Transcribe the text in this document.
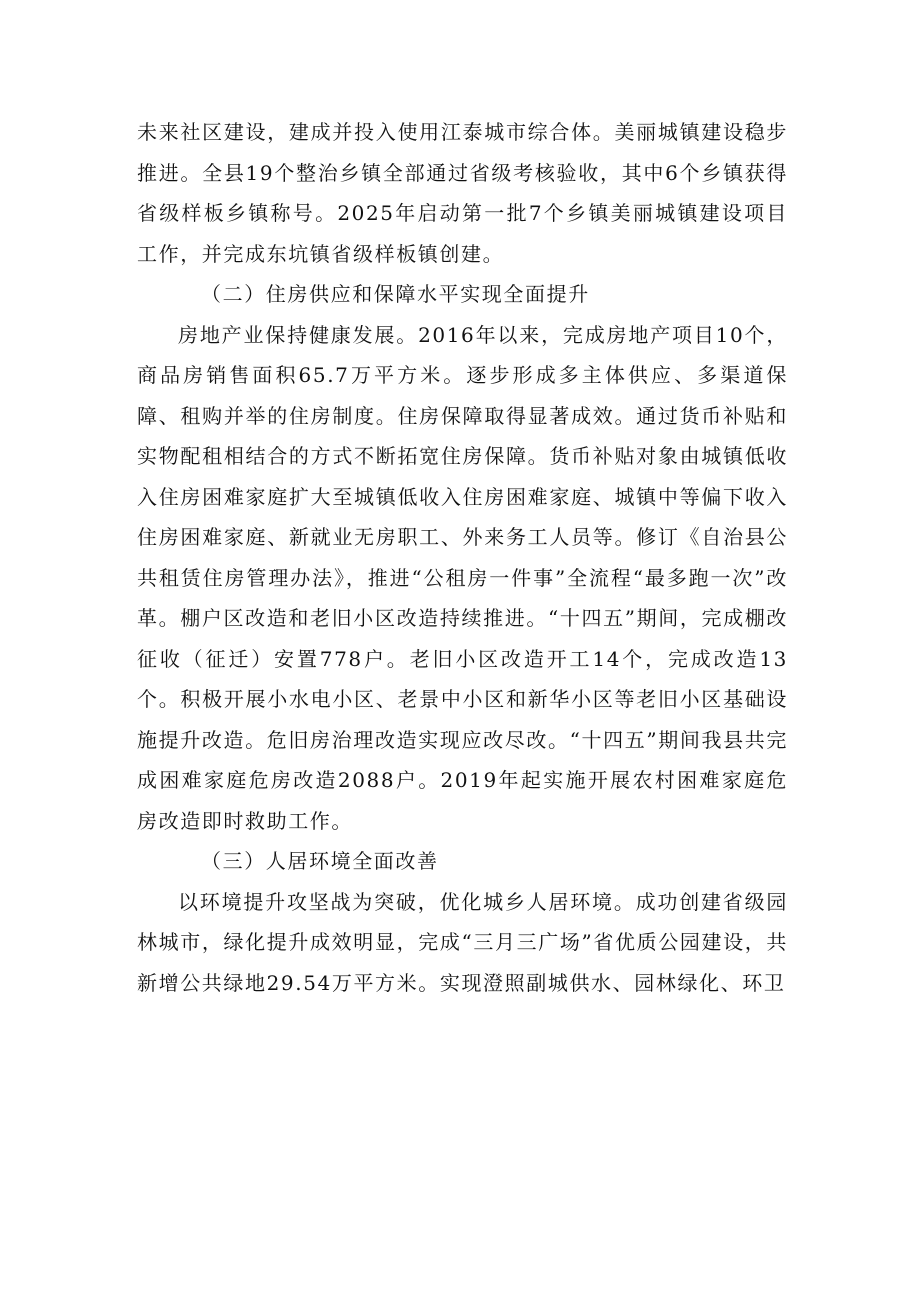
未来社区建设，建成并投入使用江泰城市综合体。美丽城镇建设稳步推进。全县19个整治乡镇全部通过省级考核验收，其中6个乡镇获得省级样板乡镇称号。2025年启动第一批7个乡镇美丽城镇建设项目工作，并完成东坑镇省级样板镇创建。

（二）住房供应和保障水平实现全面提升

房地产业保持健康发展。2016年以来，完成房地产项目10个，商品房销售面积65.7万平方米。逐步形成多主体供应、多渠道保障、租购并举的住房制度。住房保障取得显著成效。通过货币补贴和实物配租相结合的方式不断拓宽住房保障。货币补贴对象由城镇低收入住房困难家庭扩大至城镇低收入住房困难家庭、城镇中等偏下收入住房困难家庭、新就业无房职工、外来务工人员等。修订《自治县公共租赁住房管理办法》，推进“公租房一件事”全流程“最多跑一次”改革。棚户区改造和老旧小区改造持续推进。“十四五”期间，完成棚改征收（征迁）安置778户。老旧小区改造开工14个，完成改造13个。积极开展小水电小区、老景中小区和新华小区等老旧小区基础设施提升改造。危旧房治理改造实现应改尽改。“十四五”期间我县共完成困难家庭危房改造2088户。2019年起实施开展农村困难家庭危房改造即时救助工作。

（三）人居环境全面改善

以环境提升攻坚战为突破，优化城乡人居环境。成功创建省级园林城市，绿化提升成效明显，完成“三月三广场”省优质公园建设，共新增公共绿地29.54万平方米。实现澄照副城供水、园林绿化、环卫
